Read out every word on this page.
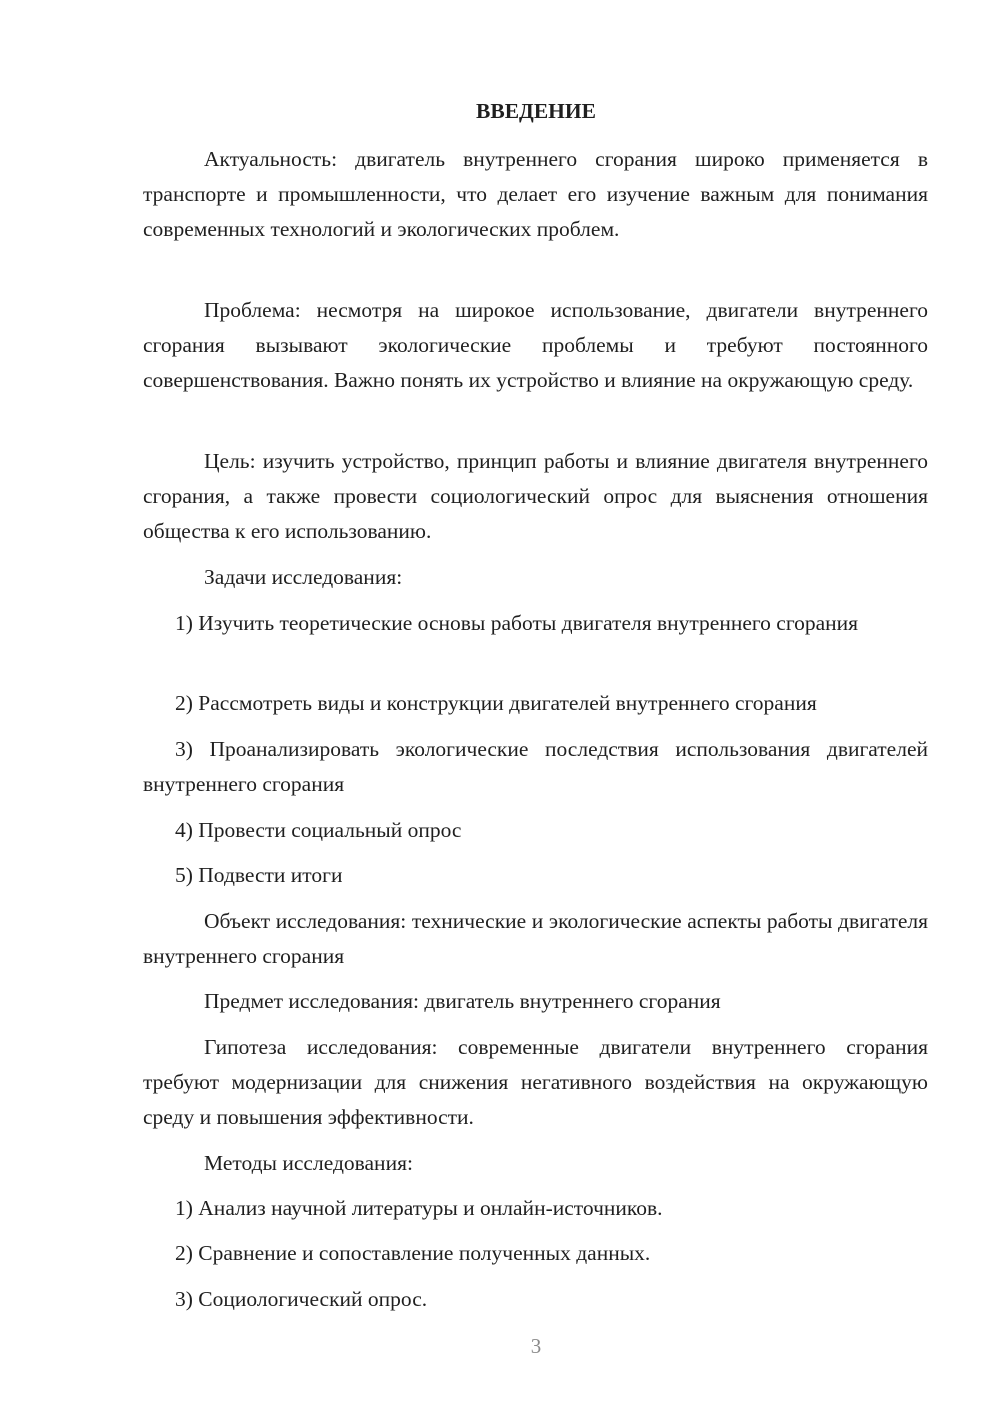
ВВЕДЕНИЕ

Актуальность: двигатель внутреннего сгорания широко применяется в транспорте и промышленности, что делает его изучение важным для понимания современных технологий и экологических проблем.

Проблема: несмотря на широкое использование, двигатели внутреннего сгорания вызывают экологические проблемы и требуют постоянного совершенствования. Важно понять их устройство и влияние на окружающую среду.

Цель: изучить устройство, принцип работы и влияние двигателя внутреннего сгорания, а также провести социологический опрос для выяснения отношения общества к его использованию.

Задачи исследования:

1) Изучить теоретические основы работы двигателя внутреннего сгорания

2) Рассмотреть виды и конструкции двигателей внутреннего сгорания

3) Проанализировать экологические последствия использования двигателей внутреннего сгорания

4) Провести социальный опрос

5) Подвести итоги

Объект исследования: технические и экологические аспекты работы двигателя внутреннего сгорания

Предмет исследования: двигатель внутреннего сгорания

Гипотеза исследования: современные двигатели внутреннего сгорания требуют модернизации для снижения негативного воздействия на окружающую среду и повышения эффективности.

Методы исследования:

1) Анализ научной литературы и онлайн-источников.

2) Сравнение и сопоставление полученных данных.

3) Социологический опрос.

3
